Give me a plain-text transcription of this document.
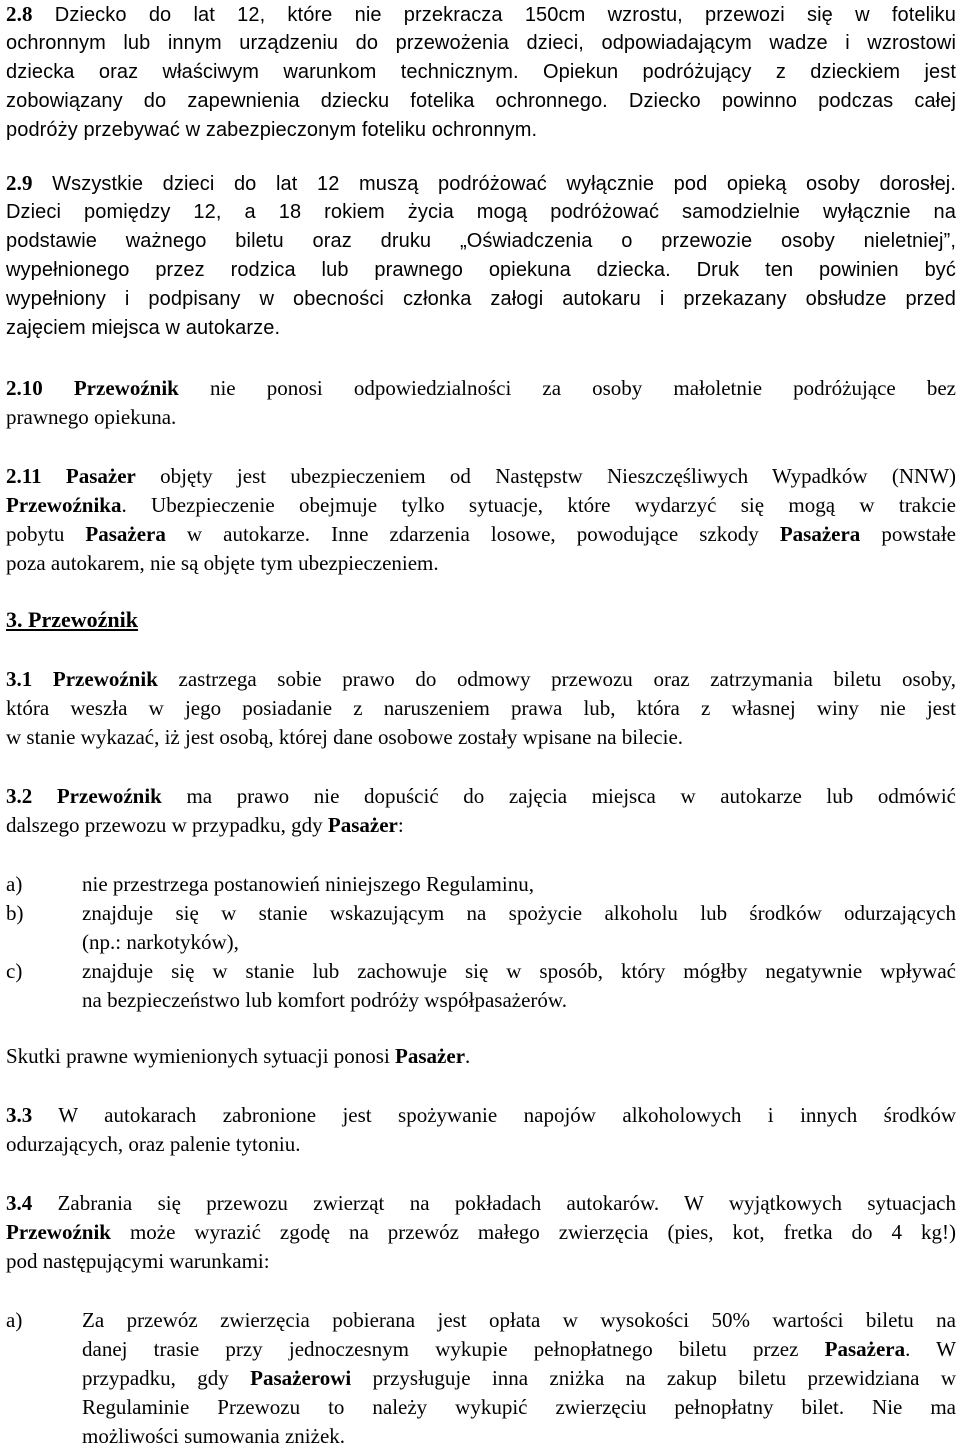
2.8 Dziecko do lat 12, które nie przekracza 150cm wzrostu, przewozi się w foteliku
ochronnym lub innym urządzeniu do przewożenia dzieci, odpowiadającym wadze i wzrostowi
dziecka oraz właściwym warunkom technicznym. Opiekun podróżujący z dzieckiem jest
zobowiązany do zapewnienia dziecku fotelika ochronnego. Dziecko powinno podczas całej
podróży przebywać w zabezpieczonym foteliku ochronnym.
2.9 Wszystkie dzieci do lat 12 muszą podróżować wyłącznie pod opieką osoby dorosłej.
Dzieci pomiędzy 12, a 18 rokiem życia mogą podróżować samodzielnie wyłącznie na
podstawie ważnego biletu oraz druku „Oświadczenia o przewozie osoby nieletniej”,
wypełnionego przez rodzica lub prawnego opiekuna dziecka. Druk ten powinien być
wypełniony i podpisany w obecności członka załogi autokaru i przekazany obsłudze przed
zajęciem miejsca w autokarze.
2.10 Przewoźnik nie ponosi odpowiedzialności za osoby małoletnie podróżujące bez
prawnego opiekuna.
2.11 Pasażer objęty jest ubezpieczeniem od Następstw Nieszczęśliwych Wypadków (NNW)
Przewoźnika. Ubezpieczenie obejmuje tylko sytuacje, które wydarzyć się mogą w trakcie
pobytu Pasażera w autokarze. Inne zdarzenia losowe, powodujące szkody Pasażera powstałe
poza autokarem, nie są objęte tym ubezpieczeniem.
3. Przewoźnik
3.1 Przewoźnik zastrzega sobie prawo do odmowy przewozu oraz zatrzymania biletu osoby,
która weszła w jego posiadanie z naruszeniem prawa lub, która z własnej winy nie jest
w stanie wykazać, iż jest osobą, której dane osobowe zostały wpisane na bilecie.
3.2 Przewoźnik ma prawo nie dopuścić do zajęcia miejsca w autokarze lub odmówić
dalszego przewozu w przypadku, gdy Pasażer:
a)	nie przestrzega postanowień niniejszego Regulaminu,
b)	znajduje się w stanie wskazującym na spożycie alkoholu lub środków odurzających
(np.: narkotyków),
c)	znajduje się w stanie lub zachowuje się w sposób, który mógłby negatywnie wpływać
na bezpieczeństwo lub komfort podróży współpasażerów.
Skutki prawne wymienionych sytuacji ponosi Pasażer.
3.3 W autokarach zabronione jest spożywanie napojów alkoholowych i innych środków
odurzających, oraz palenie tytoniu.
3.4 Zabrania się przewozu zwierząt na pokładach autokarów. W wyjątkowych sytuacjach
Przewoźnik może wyrazić zgodę na przewóz małego zwierzęcia (pies, kot, fretka do 4 kg!)
pod następującymi warunkami:
a)	Za przewóz zwierzęcia pobierana jest opłata w wysokości 50% wartości biletu na
danej trasie przy jednoczesnym wykupie pełnopłatnego biletu przez Pasażera. W
przypadku, gdy Pasażerowi przysługuje inna zniżka na zakup biletu przewidziana w
Regulaminie Przewozu to należy wykupić zwierzęciu pełnopłatny bilet. Nie ma
możliwości sumowania zniżek.
